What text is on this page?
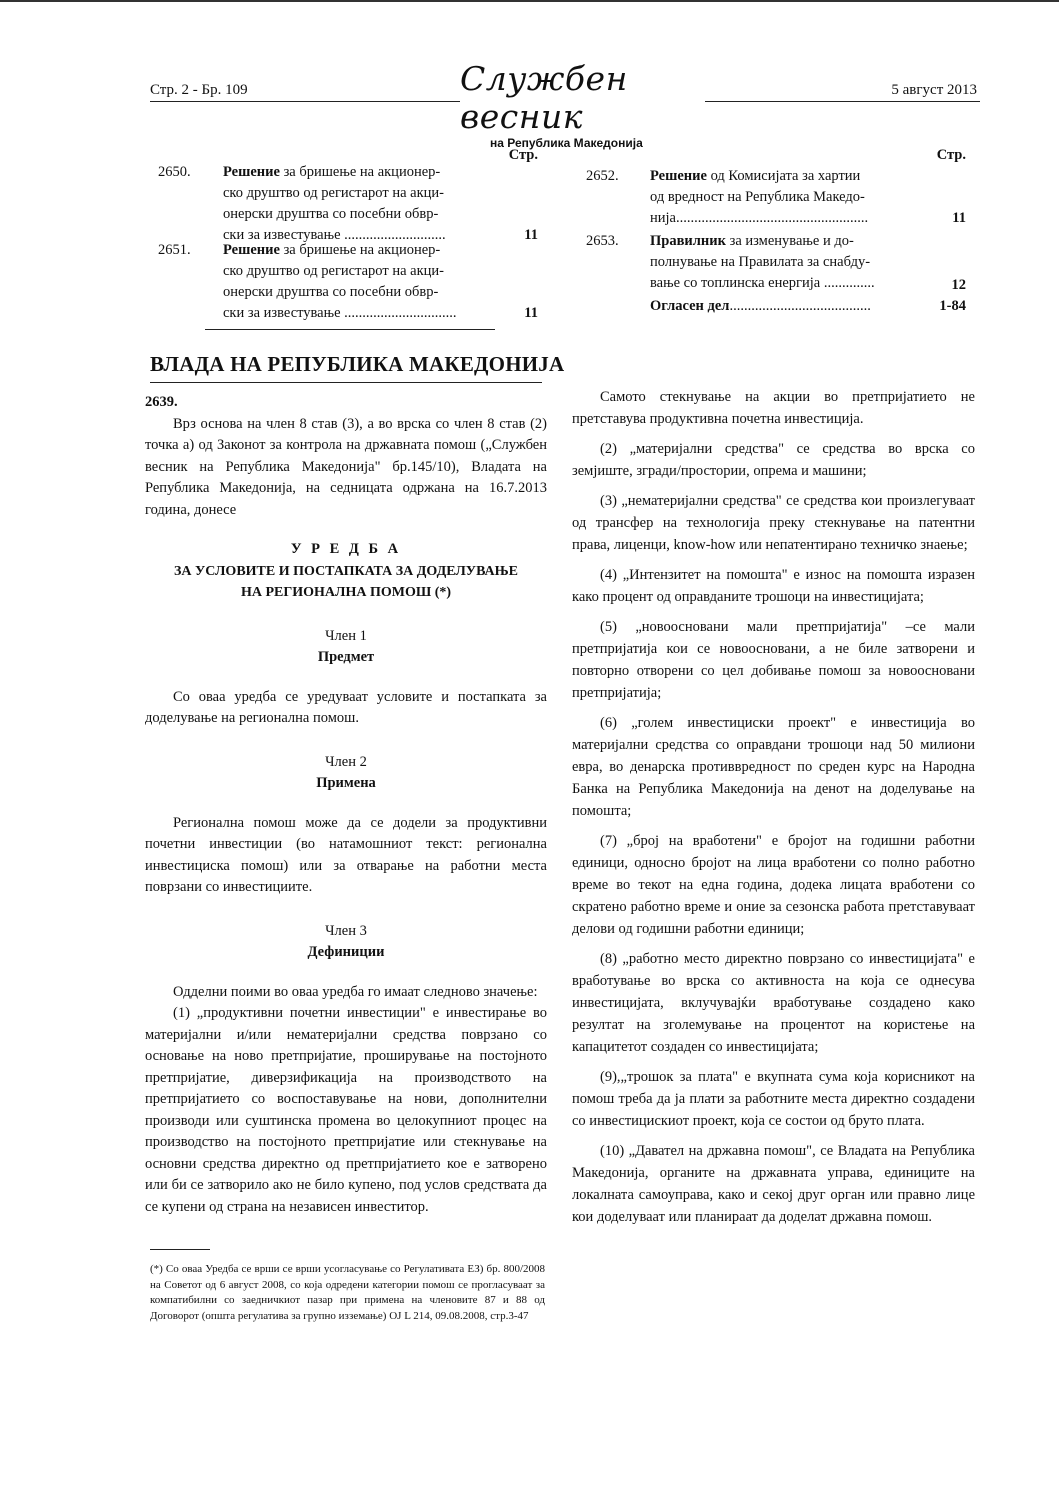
Стр. 2 - Бр. 109	Службен весник
на Република Македонија
5 август 2013
Стр.
2650. Решение за бришење на акционер-
ско друштво од регистарот на акци-
онерски друштва со посебни обвр-
ски за известување ............................	11
2651. Решение за бришење на акционер-
ско друштво од регистарот на акци-
онерски друштва со посебни обвр-
ски за известување ...............................	11
Стр.
2652. Решение од Комисијата за хартии
од вредност на Република Македо-
нија.....................................................	11
2653. Правилник за изменување и до-
полнување на Правилата за снабду-
вање со топлинска енергија ..............	12
Огласен дел.......................................	1-84
ВЛАДА НА РЕПУБЛИКА МАКЕДОНИЈА

2639.

Врз основа на член 8 став (3), а во врска со член 8 став (2) точка а) од Законот за контрола на државната помош („Службен весник на Република Македонија" бр.145/10), Владата на Република Македонија, на седницата одржана на 16.7.2013 година, донесе

У Р Е Д Б А

ЗА УСЛОВИТЕ И ПОСТАПКАТА ЗА ДОДЕЛУВАЊЕ

НА РЕГИОНАЛНА ПОМОШ (*)

Член 1

Предмет

Со оваа уредба се уредуваат условите и постапката за доделување на регионална помош.

Член 2

Примена

Регионална помош може да се додели за продуктивни почетни инвестиции (во натамошниот текст: регионална инвестициска помош) или за отварање на работни места поврзани со инвестициите.

Член 3

Дефиниции

Одделни поими во оваа уредба го имаат следново значење:

(1) „продуктивни почетни инвестиции" е инвестирање во материјални и/или нематеријални средства поврзано со основање на ново претпријатие, проширување на постојното претпријатие, диверзификација на производството на претпријатието со воспоставување на нови, дополнителни производи или суштинска промена во целокупниот процес на производство на постојното претпријатие или стекнување на основни средства директно од претпријатието кое е затворено или би се затворило ако не било купено, под услов средствата да се купени од страна на независен инвеститор.

(*) Со оваа Уредба се врши се врши усогласување со Регулативата ЕЗ) бр. 800/2008 на Советот од 6 август 2008, со која одредени категории помош се прогласуваат за компатибилни со заедничкиот пазар при примена на членовите 87 и 88 од Договорот (општа регулатива за групно изземање) OJ L 214, 09.08.2008, стр.3-47

Самото стекнување на акции во претпријатието не претставува продуктивна почетна инвестиција.

(2) „материјални средства" се средства во врска со земјиште, згради/простории, опрема и машини;

(3) „нематеријални средства" се средства кои произлегуваат од трансфер на технологија преку стекнување на патентни права, лиценци, know-how или непатентирано техничко знаење;

(4) „Интензитет на помошта" е износ на помошта изразен како процент од оправданите трошоци на инвестицијата;

(5) „новоосновани мали претпријатија" –се мали претпријатија кои се новоосновани, а не биле затворени и повторно отворени со цел добивање помош за новоосновани претпријатија;

(6) „голем инвестициски проект" е инвестиција во материјални средства со оправдани трошоци над 50 милиони евра, во денарска противвредност по среден курс на Народна Банка на Република Македонија на денот на доделување на помошта;

(7) „број на вработени" е бројот на годишни работни единици, односно бројот на лица вработени со полно работно време во текот на една година, додека лицата вработени со скратено работно време и оние за сезонска работа претставуваат делови од годишни работни единици;

(8) „работно место директно поврзано со инвестицијата" е вработување во врска со активноста на која се однесува инвестицијата, вклучувајќи вработување создадено како резултат на зголемување на процентот на користење на капацитетот создаден со инвестицијата;

(9),„трошок за плата" е вкупната сума која корисникот на помош треба да ја плати за работните места директно создадени со инвестицискиот проект, која се состои од бруто плата.

(10) „Давател на државна помош", се Владата на Република Македонија, органите на државната управа, единиците на локалната самоуправа, како и секој друг орган или правно лице кои доделуваат или планираат да доделат државна помош.
